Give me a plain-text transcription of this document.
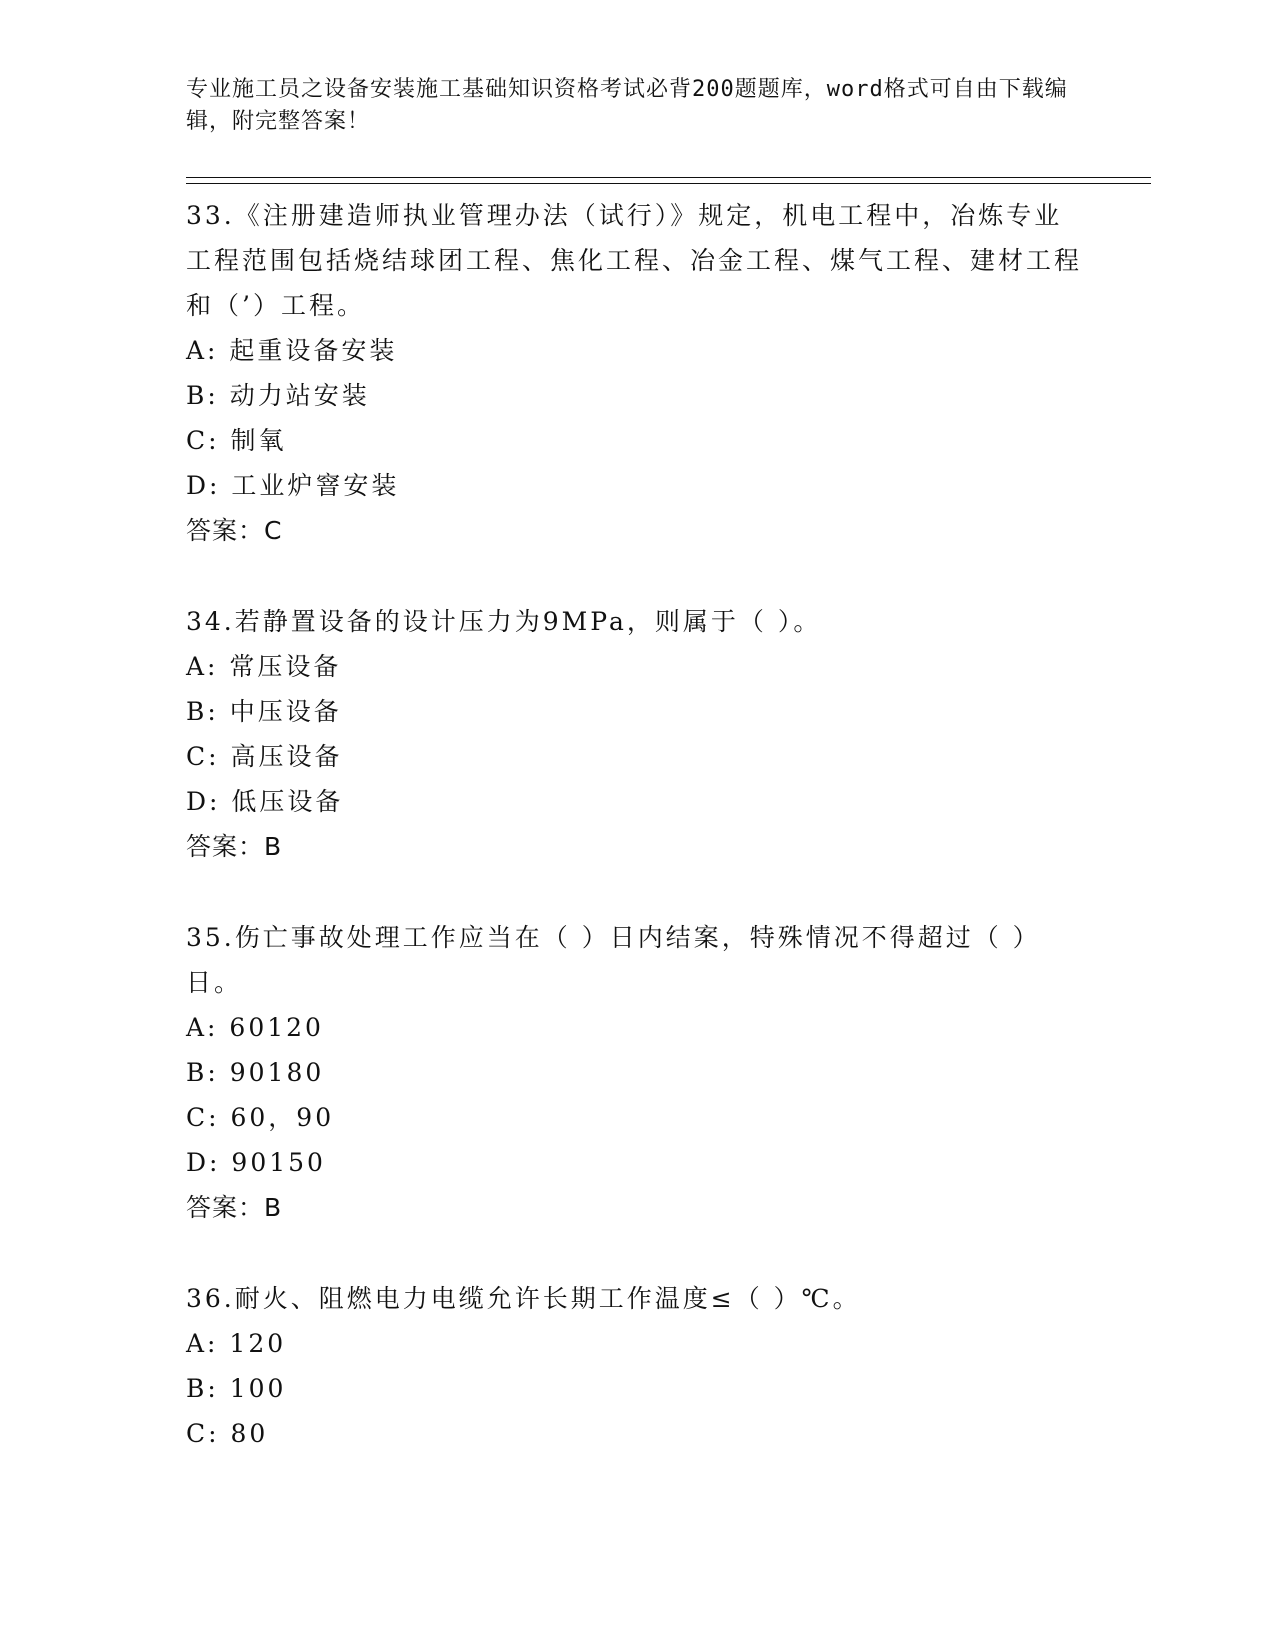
专业施工员之设备安装施工基础知识资格考试必背200题题库，word格式可自由下载编辑，附完整答案！

33.《注册建造师执业管理办法（试行）》规定，机电工程中，冶炼专业工程范围包括烧结球团工程、焦化工程、冶金工程、煤气工程、建材工程和（’）工程。

A: 起重设备安装

B: 动力站安装

C: 制氧

D: 工业炉窨安装

答案：C

34.若静置设备的设计压力为9MPa，则属于（ ）。

A: 常压设备

B: 中压设备

C: 高压设备

D: 低压设备

答案：B

35.伤亡事故处理工作应当在（ ）日内结案，特殊情况不得超过（ ）日。

A: 60120

B: 90180

C: 60，90

D: 90150

答案：B

36.耐火、阻燃电力电缆允许长期工作温度≤（ ）℃。

A: 120

B: 100

C: 80
